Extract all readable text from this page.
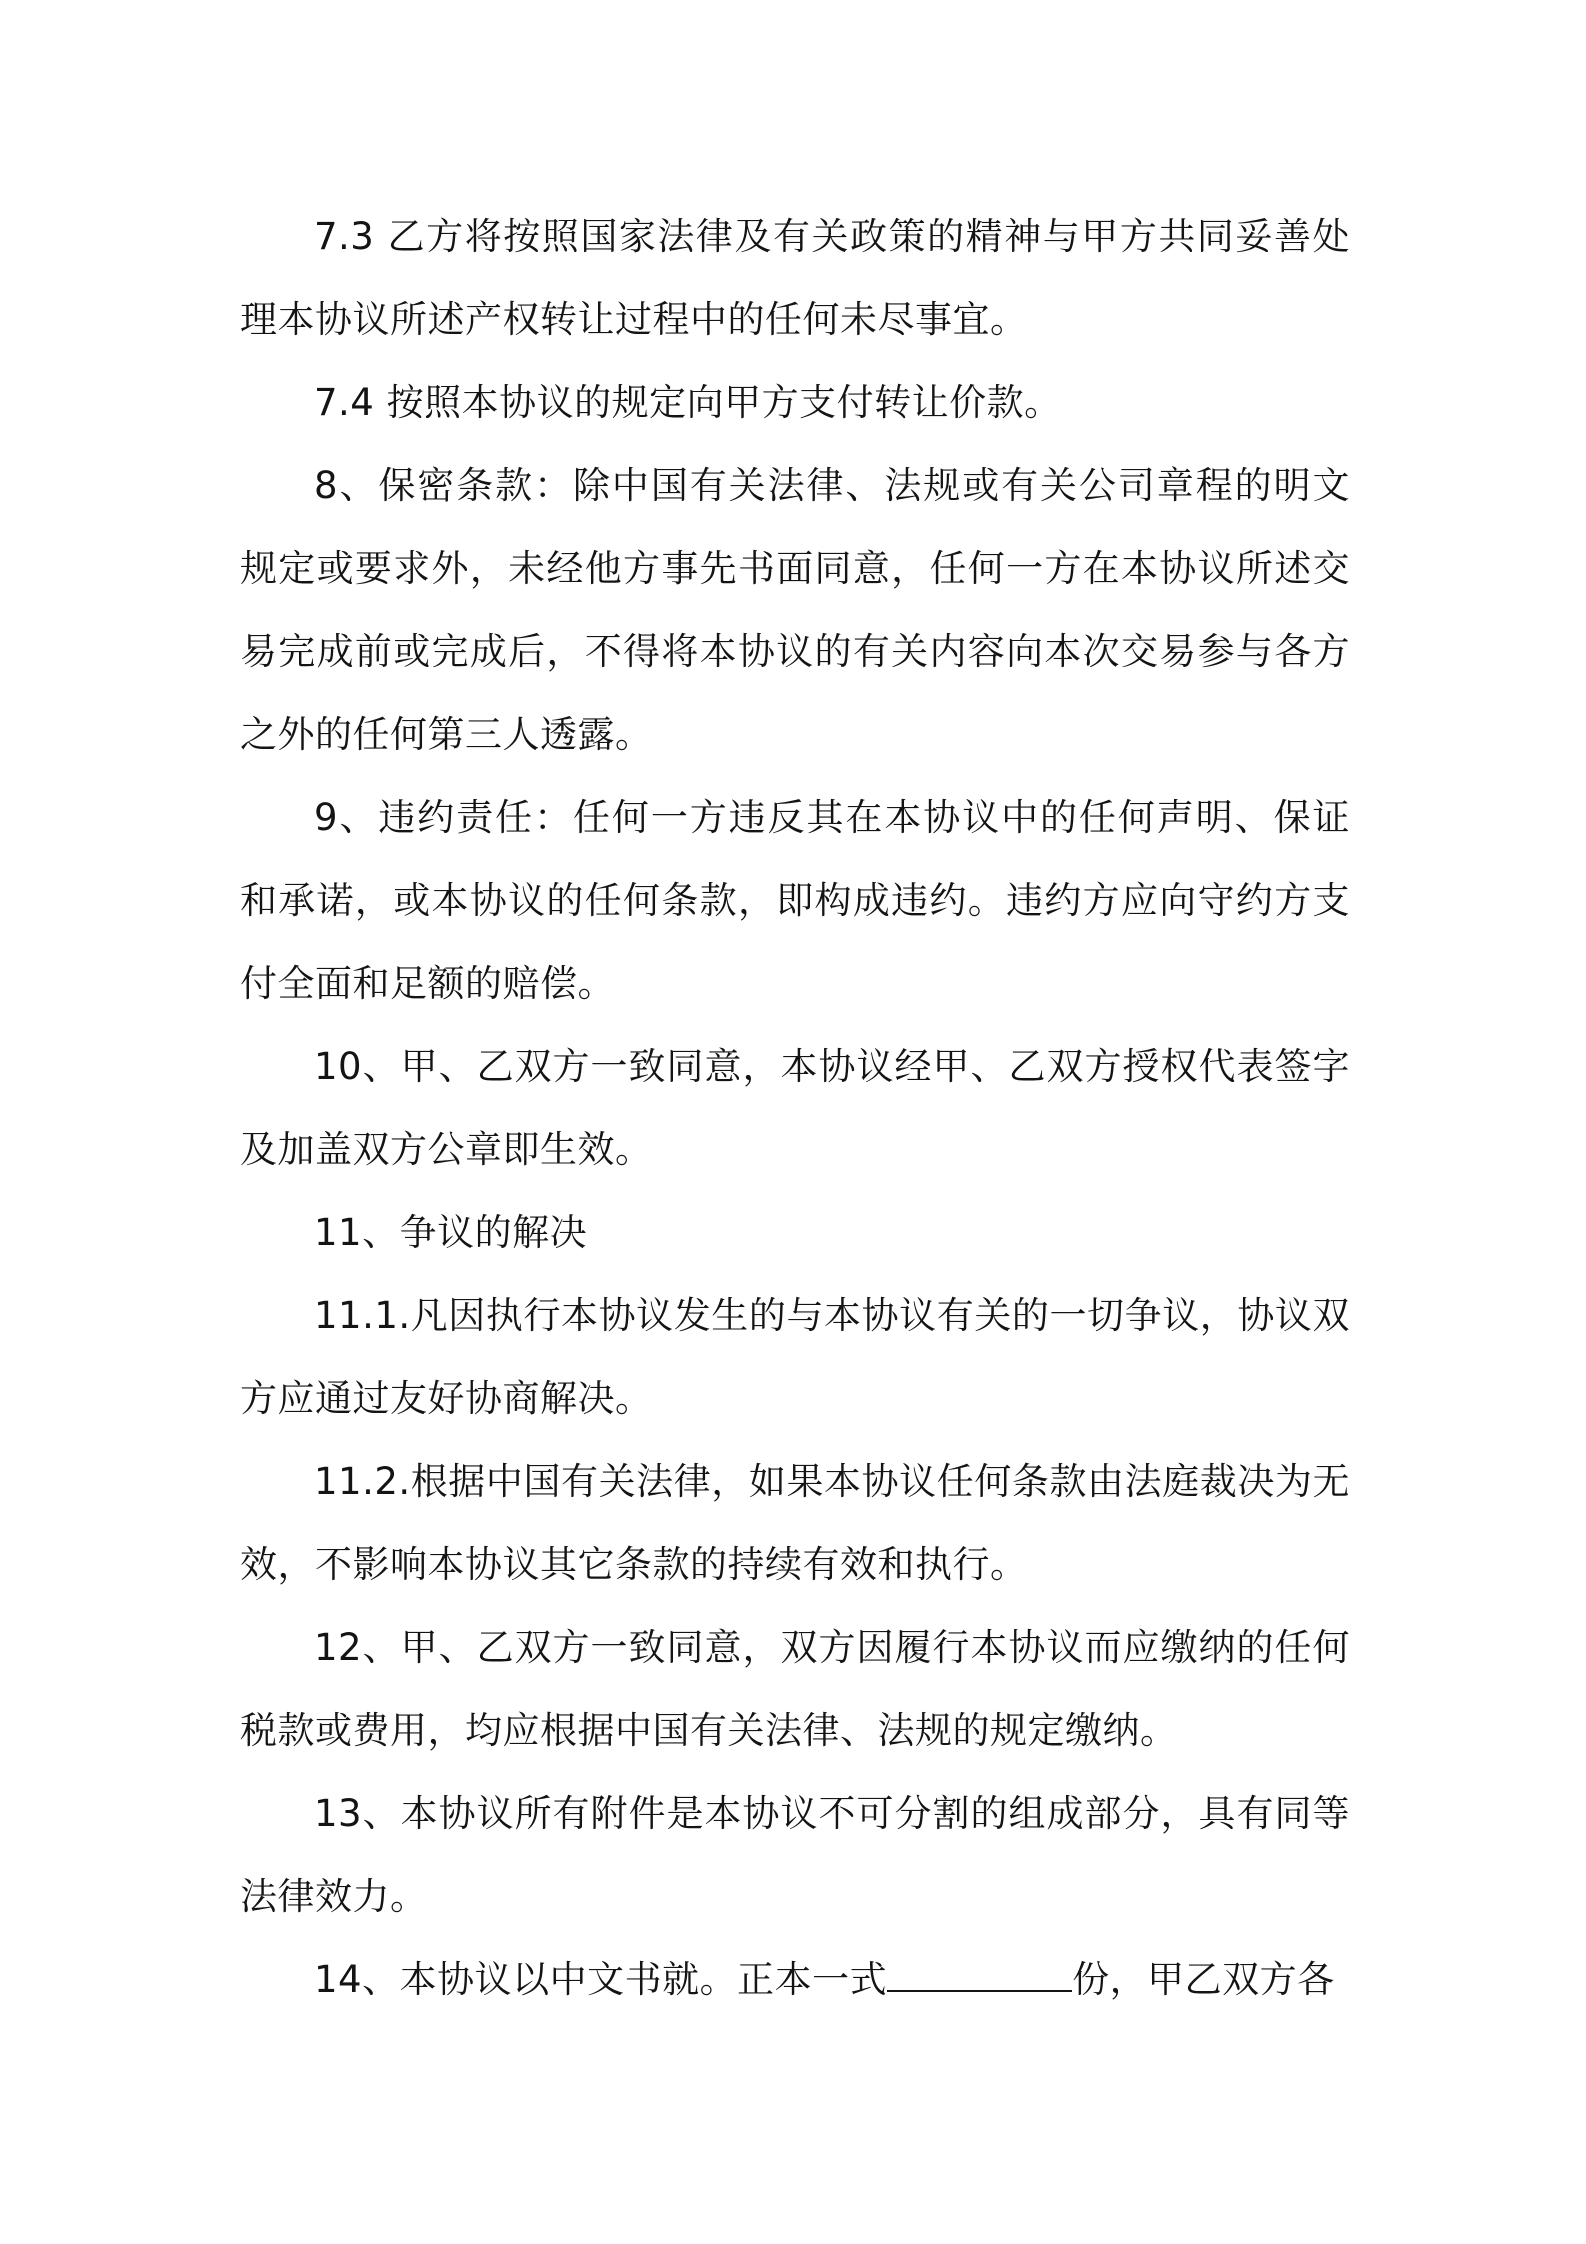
7.3 乙方将按照国家法律及有关政策的精神与甲方共同妥善处理本协议所述产权转让过程中的任何未尽事宜。

7.4 按照本协议的规定向甲方支付转让价款。

8、保密条款：除中国有关法律、法规或有关公司章程的明文规定或要求外，未经他方事先书面同意，任何一方在本协议所述交易完成前或完成后，不得将本协议的有关内容向本次交易参与各方之外的任何第三人透露。

9、违约责任：任何一方违反其在本协议中的任何声明、保证和承诺，或本协议的任何条款，即构成违约。违约方应向守约方支付全面和足额的赔偿。

10、甲、乙双方一致同意，本协议经甲、乙双方授权代表签字及加盖双方公章即生效。

11、争议的解决

11.1.凡因执行本协议发生的与本协议有关的一切争议，协议双方应通过友好协商解决。

11.2.根据中国有关法律，如果本协议任何条款由法庭裁决为无效，不影响本协议其它条款的持续有效和执行。

12、甲、乙双方一致同意，双方因履行本协议而应缴纳的任何税款或费用，均应根据中国有关法律、法规的规定缴纳。

13、本协议所有附件是本协议不可分割的组成部分，具有同等法律效力。

14、本协议以中文书就。正本一式	份，甲乙双方各
